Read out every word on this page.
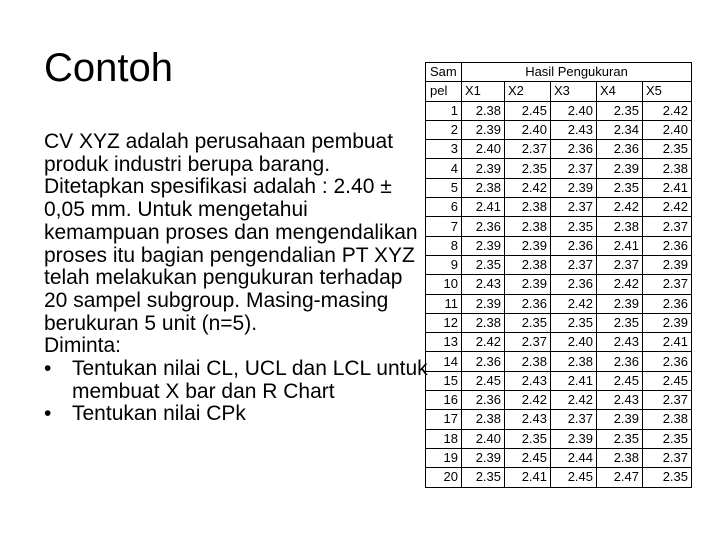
Contoh
CV XYZ adalah perusahaan pembuat produk industri berupa barang. Ditetapkan spesifikasi adalah : 2.40 ± 0,05 mm. Untuk mengetahui kemampuan proses dan mengendalikan proses itu bagian pengendalian PT XYZ telah melakukan pengukuran terhadap 20 sampel subgroup. Masing-masing berukuran 5 unit (n=5).
Diminta:
• Tentukan nilai CL, UCL dan LCL untuk membuat X bar dan R Chart
• Tentukan nilai CPk
Sam	Hasil Pengukuran				
pel	X1	X2	X3	X4	X5
1	2.38	2.45	2.40	2.35	2.42
2	2.39	2.40	2.43	2.34	2.40
3	2.40	2.37	2.36	2.36	2.35
4	2.39	2.35	2.37	2.39	2.38
5	2.38	2.42	2.39	2.35	2.41
6	2.41	2.38	2.37	2.42	2.42
7	2.36	2.38	2.35	2.38	2.37
8	2.39	2.39	2.36	2.41	2.36
9	2.35	2.38	2.37	2.37	2.39
10	2.43	2.39	2.36	2.42	2.37
11	2.39	2.36	2.42	2.39	2.36
12	2.38	2.35	2.35	2.35	2.39
13	2.42	2.37	2.40	2.43	2.41
14	2.36	2.38	2.38	2.36	2.36
15	2.45	2.43	2.41	2.45	2.45
16	2.36	2.42	2.42	2.43	2.37
17	2.38	2.43	2.37	2.39	2.38
18	2.40	2.35	2.39	2.35	2.35
19	2.39	2.45	2.44	2.38	2.37
20	2.35	2.41	2.45	2.47	2.35
